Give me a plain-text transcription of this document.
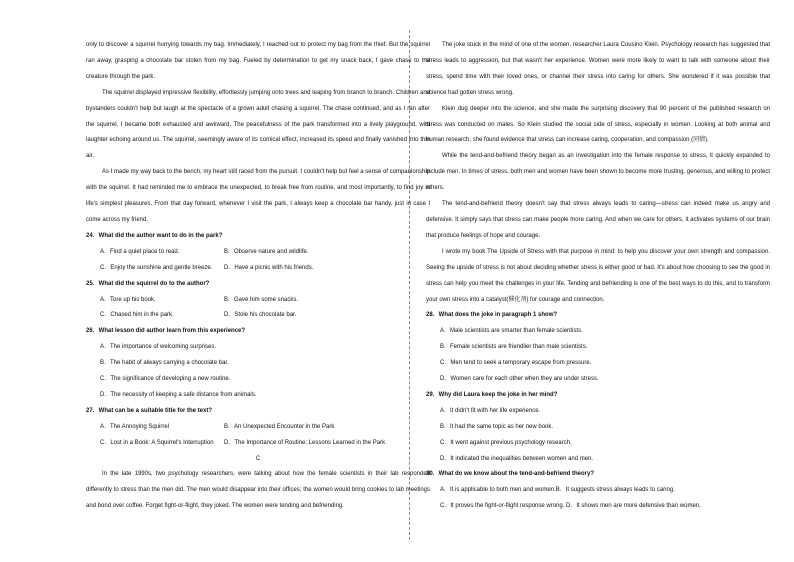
only to discover a squirrel hurrying towards my bag. Immediately, I reached out to protect my bag from the thief. But the squirrel ran away, grasping a chocolate bar stolen from my bag. Fueled by determination to get my snack back, I gave chase to the creature through the park.

The squirrel displayed impressive flexibility, effortlessly jumping onto trees and leaping from branch to branch. Children and bystanders couldn't help but laugh at the spectacle of a grown adult chasing a squirrel. The chase continued, and as I ran after the squirrel, I became both exhausted and awkward. The peacefulness of the park transformed into a lively playground, with laughter echoing around us. The squirrel, seemingly aware of its comical effect, increased its speed and finally vanished into thin air.

As I made my way back to the bench, my heart still raced from the pursuit. I couldn't help but feel a sense of companionship with the squirrel. It had reminded me to embrace the unexpected, to break free from routine, and most importantly, to find joy in life's simplest pleasures. From that day forward, whenever I visit the park, I always keep a chocolate bar handy, just in case I come across my friend.

24．What did the author want to do in the park?

A．Find a quiet place to read.	B．Observe nature and wildlife.
C．Enjoy the sunshine and gentle breeze.	D．Have a picnic with his friends.

25．What did the squirrel do to the author?

A．Tore up his book.	B．Gave him some snacks.
C．Chased him in the park.	D．Stole his chocolate bar.

26．What lesson did author learn from this experience?

A．The importance of welcoming surprises.

B．The habit of always carrying a chocolate bar.

C．The significance of developing a new routine.

D．The necessity of keeping a safe distance from animals.

27．What can be a suitable title for the text?

A．The Annoying Squirrel	B．An Unexpected Encounter in the Park
C．Lost in a Book: A Squirrel's Interruption	D．The Importance of Routine: Lessons Learned in the Park

C

In the late 1990s, two psychology researchers, were talking about how the female scientists in their lab responded differently to stress than the men did. The men would disappear into their offices; the women would bring cookies to lab meetings and bond over coffee. Forget fight-or-flight, they joked. The women were tending and befriending.

The joke stuck in the mind of one of the women, researcher Laura Cousino Klein. Psychology research has suggested that stress leads to aggression, but that wasn't her experience. Women were more likely to want to talk with someone about their stress, spend time with their loved ones, or channel their stress into caring for others. She wondered if it was possible that science had gotten stress wrong.

Klein dug deeper into the science, and she made the surprising discovery that 90 percent of the published research on stress was conducted on males. So Klein studied the social side of stress, especially in women. Looking at both animal and human research, she found evidence that stress can increase caring, cooperation, and compassion (同情).

While the tend-and-befriend theory began as an investigation into the female response to stress, it quickly expanded to include men. In times of stress, both men and women have been shown to become more trusting, generous, and willing to protect others.

The tend-and-befriend theory doesn't say that stress always leads to caring—stress can indeed make us angry and defensive. It simply says that stress can make people more caring. And when we care for others, it activates systems of our brain that produce feelings of hope and courage.

I wrote my book The Upside of Stress with that purpose in mind: to help you discover your own strength and compassion. Seeing the upside of stress is not about deciding whether stress is either good or bad. It's about how choosing to see the good in stress can help you meet the challenges in your life. Tending and befriending is one of the best ways to do this, and to transform your own stress into a catalyst(催化剂) for courage and connection.

28．What does the joke in paragraph 1 show?

A．Male scientists are smarter than female scientists.

B．Female scientists are friendlier than male scientists.

C．Men tend to seek a temporary escape from pressure.

D．Women care for each other when they are under stress.

29．Why did Laura keep the joke in her mind?

A．It didn't fit with her life experience.

B．It had the same topic as her new book.

C．It went against previous psychology research.

D．It indicated the inequalities between women and men.

30．What do we know about the tend-and-befriend theory?

A．It is applicable to both men and women.B．It suggests stress always leads to caring.

C．It proves the fight-or-flight response wrong. D．It shows men are more defensive than women.
